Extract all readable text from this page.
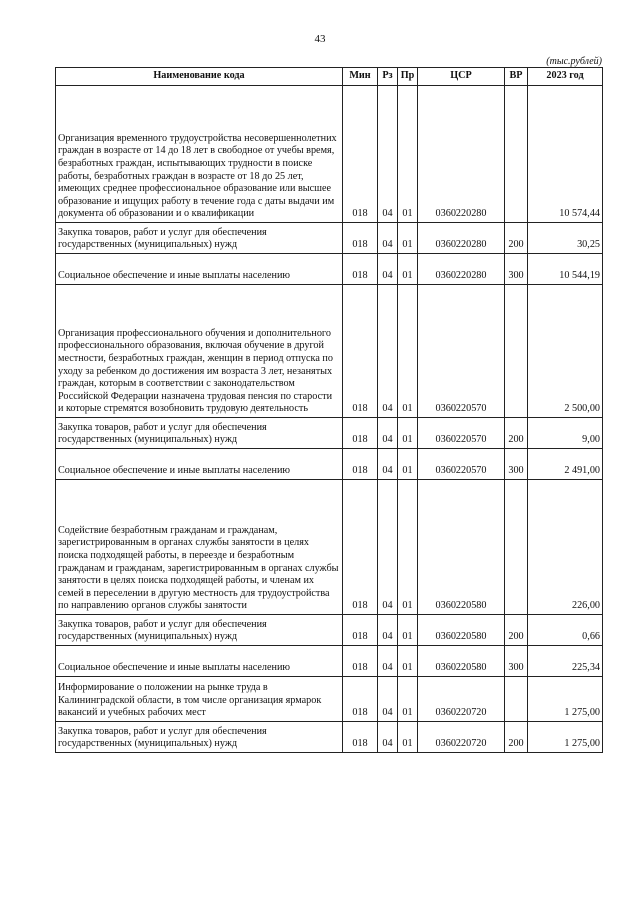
43
(тыс.рублей)
Наименование кода	Мин	Рз	Пр	ЦСР	ВР	2023 год
Организация временного трудоустройства несовершеннолетних граждан в возрасте от 14 до 18 лет в свободное от учебы время, безработных граждан, испытывающих трудности в поиске работы, безработных граждан в возрасте от 18 до 25 лет, имеющих среднее профессиональное образование или высшее образование и ищущих работу в течение года с даты выдачи им документа об образовании и о квалификации	018	04	01	0360220280		10 574,44
Закупка товаров, работ и услуг для обеспечения государственных (муниципальных) нужд	018	04	01	0360220280	200	30,25
Социальное обеспечение и иные выплаты населению	018	04	01	0360220280	300	10 544,19
Организация профессионального обучения и дополнительного профессионального образования, включая обучение в другой местности, безработных граждан, женщин в период отпуска по уходу за ребенком до достижения им возраста 3 лет, незанятых граждан, которым в соответствии с законодательством Российской Федерации назначена трудовая пенсия по старости и которые стремятся возобновить трудовую деятельность	018	04	01	0360220570		2 500,00
Закупка товаров, работ и услуг для обеспечения государственных (муниципальных) нужд	018	04	01	0360220570	200	9,00
Социальное обеспечение и иные выплаты населению	018	04	01	0360220570	300	2 491,00
Содействие безработным гражданам и гражданам, зарегистрированным в органах службы занятости в целях поиска подходящей работы, в переезде и безработным гражданам и гражданам, зарегистрированным в органах службы занятости в целях поиска подходящей работы, и членам их семей в переселении в другую местность для трудоустройства по направлению органов службы занятости	018	04	01	0360220580		226,00
Закупка товаров, работ и услуг для обеспечения государственных (муниципальных) нужд	018	04	01	0360220580	200	0,66
Социальное обеспечение и иные выплаты населению	018	04	01	0360220580	300	225,34
Информирование о положении на рынке труда в Калининградской области, в том числе организация ярмарок вакансий и учебных рабочих мест	018	04	01	0360220720		1 275,00
Закупка товаров, работ и услуг для обеспечения государственных (муниципальных) нужд	018	04	01	0360220720	200	1 275,00
